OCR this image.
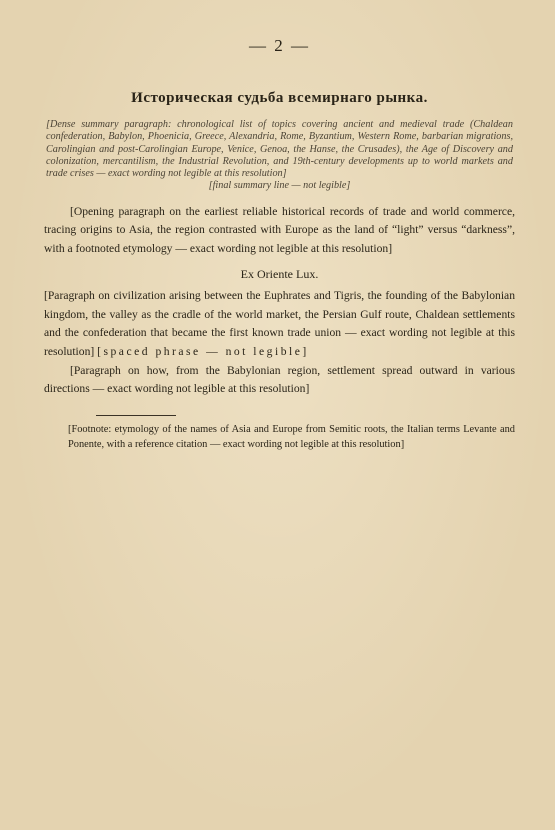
— 2 —
Историческая судьба всемирнаго рынка.
[Dense summary paragraph: chronological list of topics covering ancient and medieval trade (Chaldean confederation, Babylon, Phoenicia, Greece, Alexandria, Rome, Byzantium, Western Rome, barbarian migrations, Carolingian and post-Carolingian Europe, Venice, Genoa, the Hanse, the Crusades), the Age of Discovery and colonization, mercantilism, the Industrial Revolution, and 19th-century developments up to world markets and trade crises — exact wording not legible at this resolution]
[final summary line — not legible]
[Opening paragraph on the earliest reliable historical records of trade and world commerce, tracing origins to Asia, the region contrasted with Europe as the land of “light” versus “darkness”, with a footnoted etymology — exact wording not legible at this resolution]
Ex Oriente Lux.
[Paragraph on civilization arising between the Euphrates and Tigris, the founding of the Babylonian kingdom, the valley as the cradle of the world market, the Persian Gulf route, Chaldean settlements and the confederation that became the first known trade union — exact wording not legible at this resolution] [spaced phrase — not legible]
[Paragraph on how, from the Babylonian region, settlement spread outward in various directions — exact wording not legible at this resolution]
[Footnote: etymology of the names of Asia and Europe from Semitic roots, the Italian terms Levante and Ponente, with a reference citation — exact wording not legible at this resolution]
